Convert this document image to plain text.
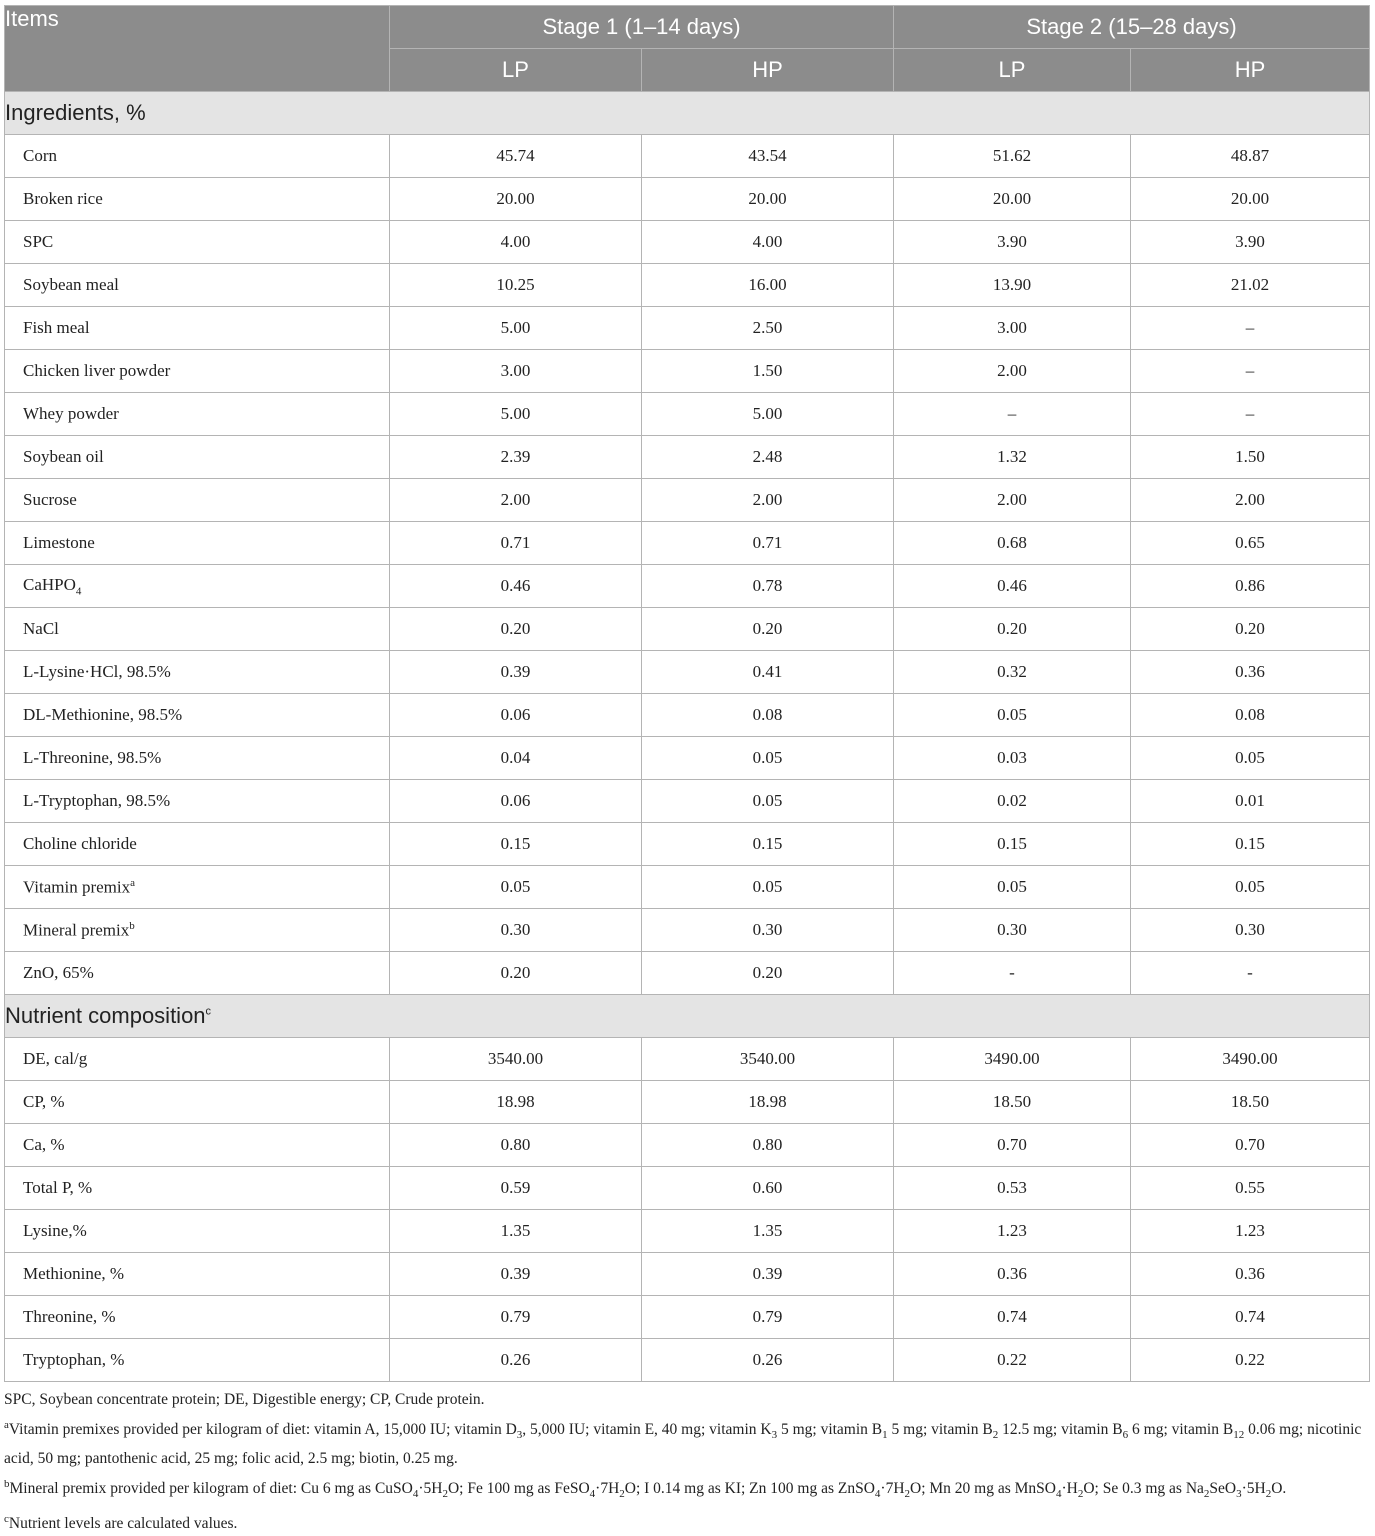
Items	Stage 1 (1–14 days)		Stage 2 (15–28 days)	
	LP	HP	LP	HP
Ingredients, %				
Corn	45.74	43.54	51.62	48.87
Broken rice	20.00	20.00	20.00	20.00
SPC	4.00	4.00	3.90	3.90
Soybean meal	10.25	16.00	13.90	21.02
Fish meal	5.00	2.50	3.00	–
Chicken liver powder	3.00	1.50	2.00	–
Whey powder	5.00	5.00	–	–
Soybean oil	2.39	2.48	1.32	1.50
Sucrose	2.00	2.00	2.00	2.00
Limestone	0.71	0.71	0.68	0.65
CaHPO$_4$	0.46	0.78	0.46	0.86
NaCl	0.20	0.20	0.20	0.20
L-Lysine·HCl, 98.5%	0.39	0.41	0.32	0.36
DL-Methionine, 98.5%	0.06	0.08	0.05	0.08
L-Threonine, 98.5%	0.04	0.05	0.03	0.05
L-Tryptophan, 98.5%	0.06	0.05	0.02	0.01
Choline chloride	0.15	0.15	0.15	0.15
Vitamin premix$^a$	0.05	0.05	0.05	0.05
Mineral premix$^b$	0.30	0.30	0.30	0.30
ZnO, 65%	0.20	0.20	-	-
Nutrient composition$^c$
DE, cal/g	3540.00	3540.00	3490.00	3490.00
CP, %	18.98	18.98	18.50	18.50
Ca, %	0.80	0.80	0.70	0.70
Total P, %	0.59	0.60	0.53	0.55
Lysine,%	1.35	1.35	1.23	1.23
Methionine, %	0.39	0.39	0.36	0.36
Threonine, %	0.79	0.79	0.74	0.74
Tryptophan, %	0.26	0.26	0.22	0.22

SPC, Soybean concentrate protein; DE, Digestible energy; CP, Crude protein.

$^a$Vitamin premixes provided per kilogram of diet: vitamin A, 15,000 IU; vitamin $D_3$, 5,000 IU; vitamin E, 40 mg; vitamin $K_3$ 5 mg; vitamin $B_1$ 5 mg; vitamin $B_2$ 12.5 mg; vitamin $B_6$ 6 mg; vitamin $B_{12}$ 0.06 mg; nicotinic acid, 50 mg; pantothenic acid, 25 mg; folic acid, 2.5 mg; biotin, 0.25 mg.

$^b$Mineral premix provided per kilogram of diet: Cu 6 mg as $CuSO_4\cdot 5H_2O$; Fe 100 mg as $FeSO_4\cdot 7H_2O$; I 0.14 mg as KI; Zn 100 mg as $ZnSO_4\cdot 7H_2O$; Mn 20 mg as $MnSO_4\cdot H_2O$; Se 0.3 mg as $Na_2SeO_3\cdot 5H_2O$.

$^c$Nutrient levels are calculated values.
